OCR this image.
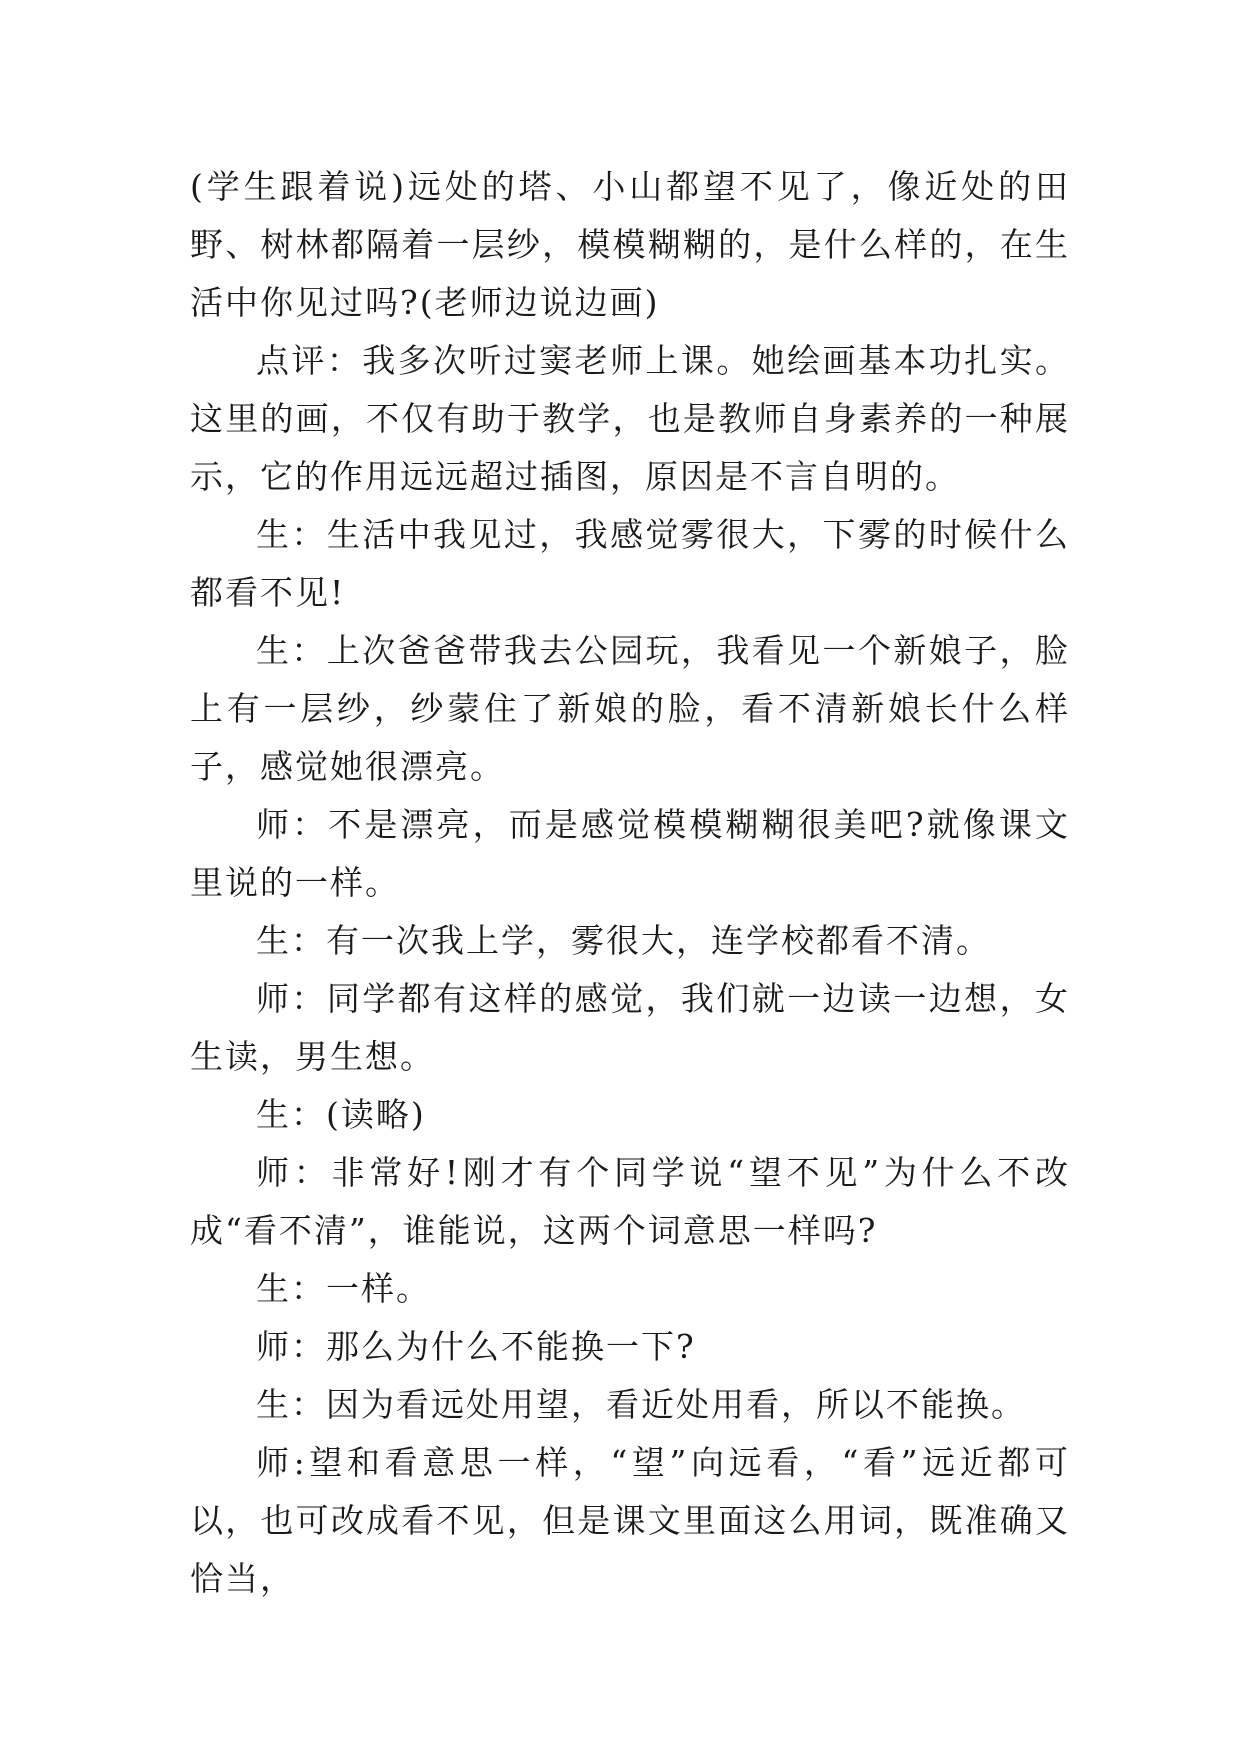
(学生跟着说)远处的塔、小山都望不见了，像近处的田野、树林都隔着一层纱，模模糊糊的，是什么样的，在生活中你见过吗?(老师边说边画)

点评：我多次听过窦老师上课。她绘画基本功扎实。这里的画，不仅有助于教学，也是教师自身素养的一种展示，它的作用远远超过插图，原因是不言自明的。

生：生活中我见过，我感觉雾很大，下雾的时候什么都看不见!

生：上次爸爸带我去公园玩，我看见一个新娘子，脸上有一层纱，纱蒙住了新娘的脸，看不清新娘长什么样子，感觉她很漂亮。

师：不是漂亮，而是感觉模模糊糊很美吧?就像课文里说的一样。

生：有一次我上学，雾很大，连学校都看不清。

师：同学都有这样的感觉，我们就一边读一边想，女生读，男生想。

生：(读略)

师：非常好!刚才有个同学说“望不见”为什么不改成“看不清”，谁能说，这两个词意思一样吗?

生：一样。

师：那么为什么不能换一下?

生：因为看远处用望，看近处用看，所以不能换。

师:望和看意思一样，“望”向远看，“看”远近都可以，也可改成看不见，但是课文里面这么用词，既准确又恰当，
